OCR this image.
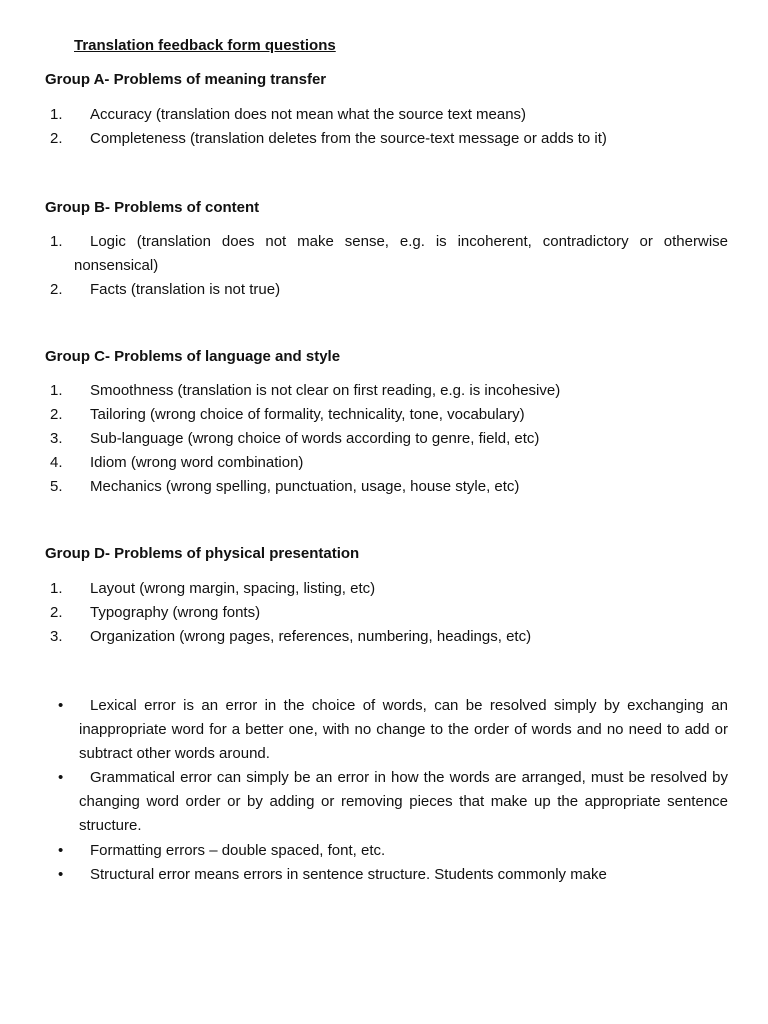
Translation feedback form questions
Group A- Problems of meaning transfer
1.	Accuracy (translation does not mean what the source text means)
2.	Completeness (translation deletes from the source-text message or adds to it)
Group B- Problems of content
1.	Logic (translation does not make sense, e.g. is incoherent, contradictory or otherwise nonsensical)
2.	Facts (translation is not true)
Group C- Problems of language and style
1.	Smoothness (translation is not clear on first reading, e.g. is incohesive)
2.	Tailoring (wrong choice of formality, technicality, tone, vocabulary)
3.	Sub-language (wrong choice of words according to genre, field, etc)
4.	Idiom (wrong word combination)
5.	Mechanics (wrong spelling, punctuation, usage, house style, etc)
Group D- Problems of physical presentation
1.	Layout (wrong margin, spacing, listing, etc)
2.	Typography (wrong fonts)
3.	Organization (wrong pages, references, numbering, headings, etc)
•	Lexical error is an error in the choice of words, can be resolved simply by exchanging an inappropriate word for a better one, with no change to the order of words and no need to add or subtract other words around.
•	Grammatical error can simply be an error in how the words are arranged, must be resolved by changing word order or by adding or removing pieces that make up the appropriate sentence structure.
•	Formatting errors – double spaced, font, etc.
•	Structural error means errors in sentence structure. Students commonly make
